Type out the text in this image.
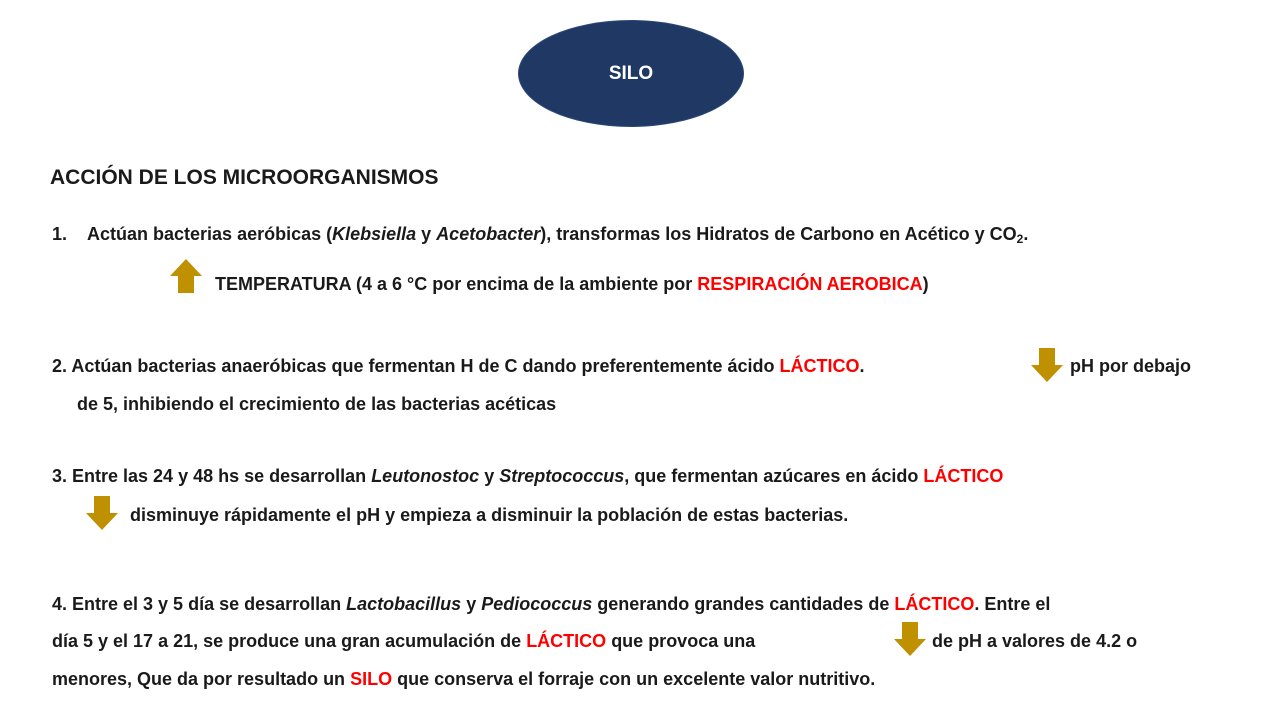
SILO
ACCIÓN DE LOS MICROORGANISMOS
1. Actúan bacterias aeróbicas (Klebsiella y Acetobacter), transformas los Hidratos de Carbono en Acético y $CO_2$.
TEMPERATURA (4 a 6 °C por encima de la ambiente por RESPIRACIÓN AEROBICA)
2. Actúan bacterias anaeróbicas que fermentan H de C dando preferentemente ácido LÁCTICO.	pH por debajo
de 5, inhibiendo el crecimiento de las bacterias acéticas
3. Entre las 24 y 48 hs se desarrollan Leutonostoc y Streptococcus, que fermentan azúcares en ácido LÁCTICO
disminuye rápidamente el pH y empieza a disminuir la población de estas bacterias.
4. Entre el 3 y 5 día se desarrollan Lactobacillus y Pediococcus generando grandes cantidades de LÁCTICO. Entre el
día 5 y el 17 a 21, se produce una gran acumulación de LÁCTICO que provoca una	de pH a valores de 4.2 o
menores, Que da por resultado un SILO que conserva el forraje con un excelente valor nutritivo.
